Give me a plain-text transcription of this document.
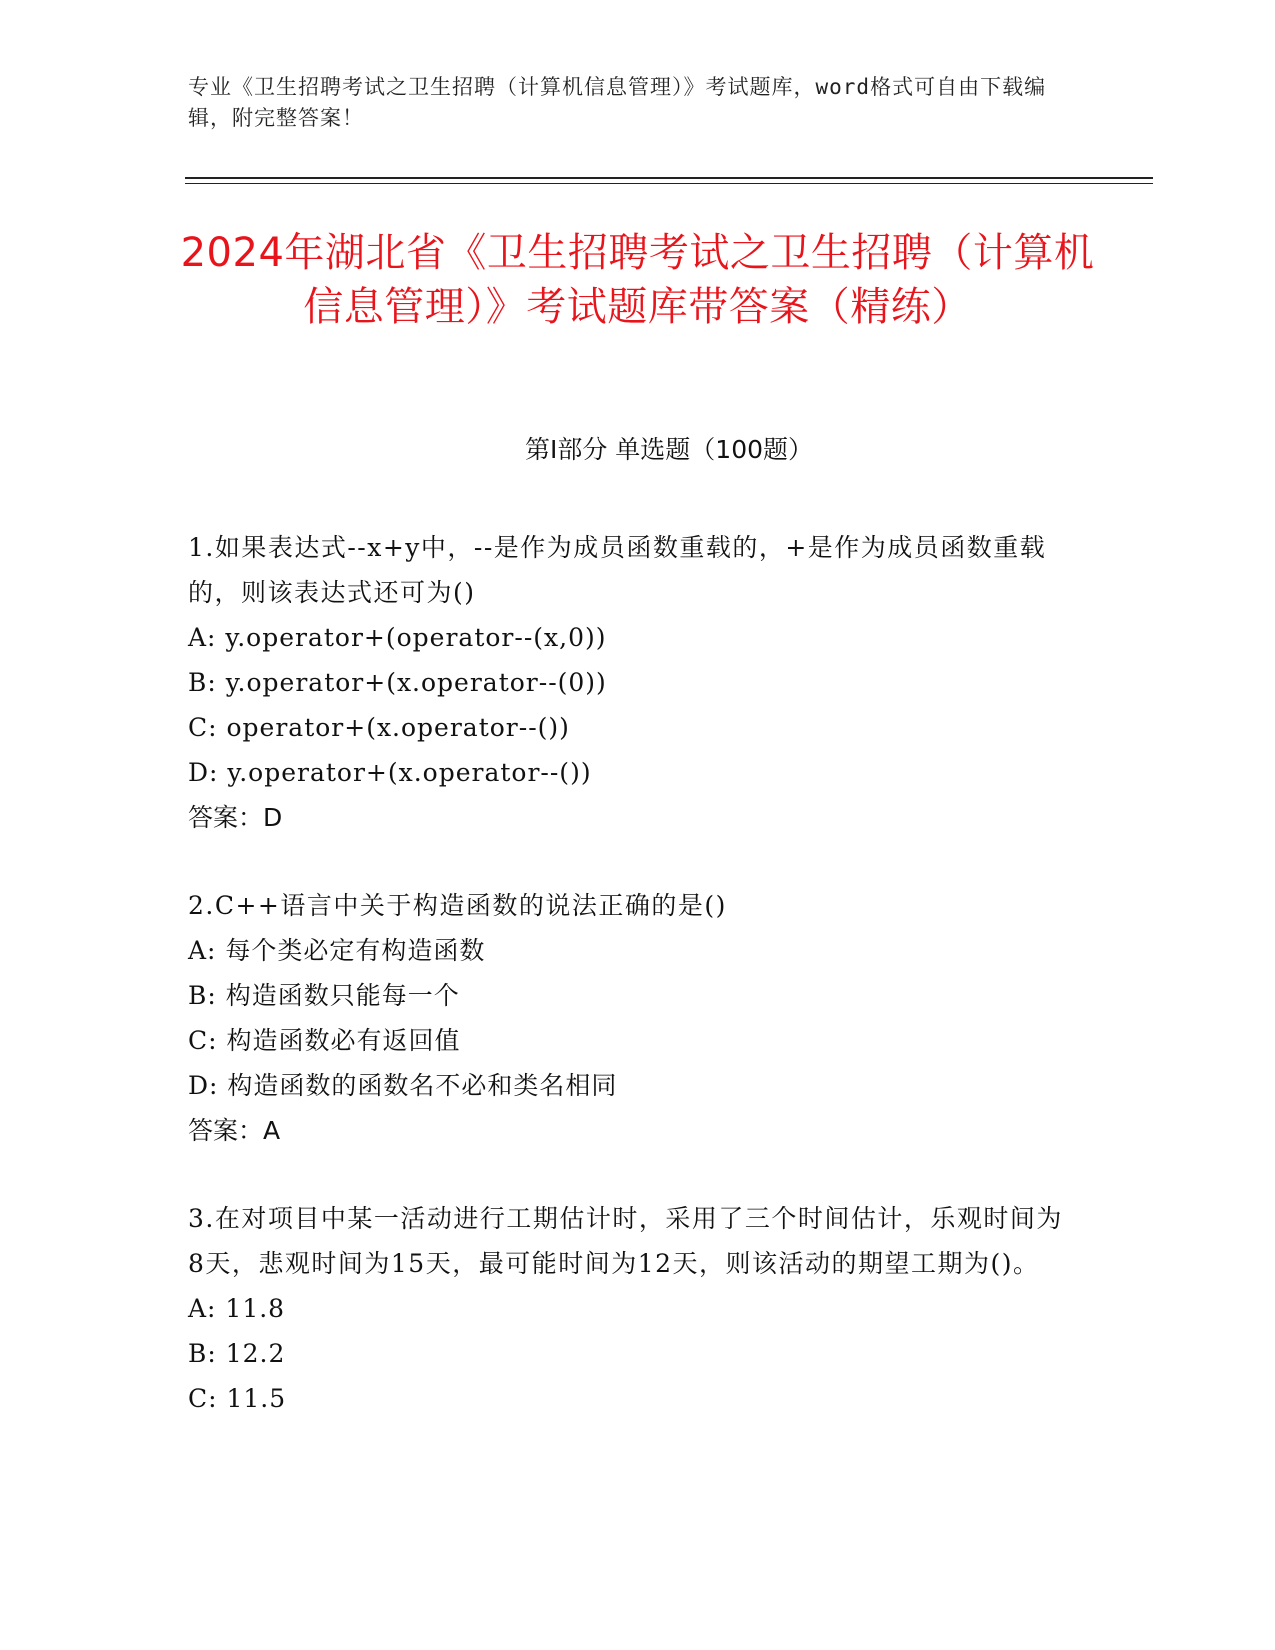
专业《卫生招聘考试之卫生招聘（计算机信息管理）》考试题库，word格式可自由下载编辑，附完整答案！
2024年湖北省《卫生招聘考试之卫生招聘（计算机信息管理）》考试题库带答案（精练）
第I部分 单选题（100题）

1.如果表达式--x+y中，--是作为成员函数重载的，+是作为成员函数重载的，则该表达式还可为()

A: y.operator+(operator--(x,0))

B: y.operator+(x.operator--(0))

C: operator+(x.operator--())

D: y.operator+(x.operator--())

答案：D

2.C++语言中关于构造函数的说法正确的是()

A: 每个类必定有构造函数

B: 构造函数只能每一个

C: 构造函数必有返回值

D: 构造函数的函数名不必和类名相同

答案：A

3.在对项目中某一活动进行工期估计时，采用了三个时间估计，乐观时间为8天，悲观时间为15天，最可能时间为12天，则该活动的期望工期为()。

A: 11.8

B: 12.2

C: 11.5
